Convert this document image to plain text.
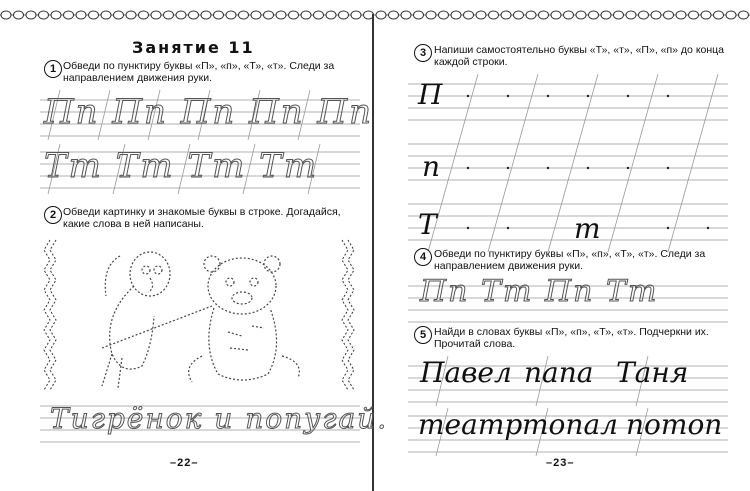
Занятие 11
1 Обведи по пунктиру буквы «П», «п», «Т», «т». Следи за направлением движения руки.
Пп Пп Пп Пп Пп
Тт Тт Тт Тт
2 Обведи картинку и знакомые буквы в строке. Догадайся, какие слова в ней написаны.
Тигрёнок и попугай.
–22–
3 Напиши самостоятельно буквы «Т», «т», «П», «п» до конца каждой строки.
П
п
Т	т
4 Обведи по пунктиру буквы «П», «п», «Т», «т». Следи за направлением движения руки.
Пп Тт Пп Тт
5 Найди в словах буквы «П», «п», «Т», «т». Подчеркни их. Прочитай слова.
Павел папа Таня
театр топал потоп
–23–
